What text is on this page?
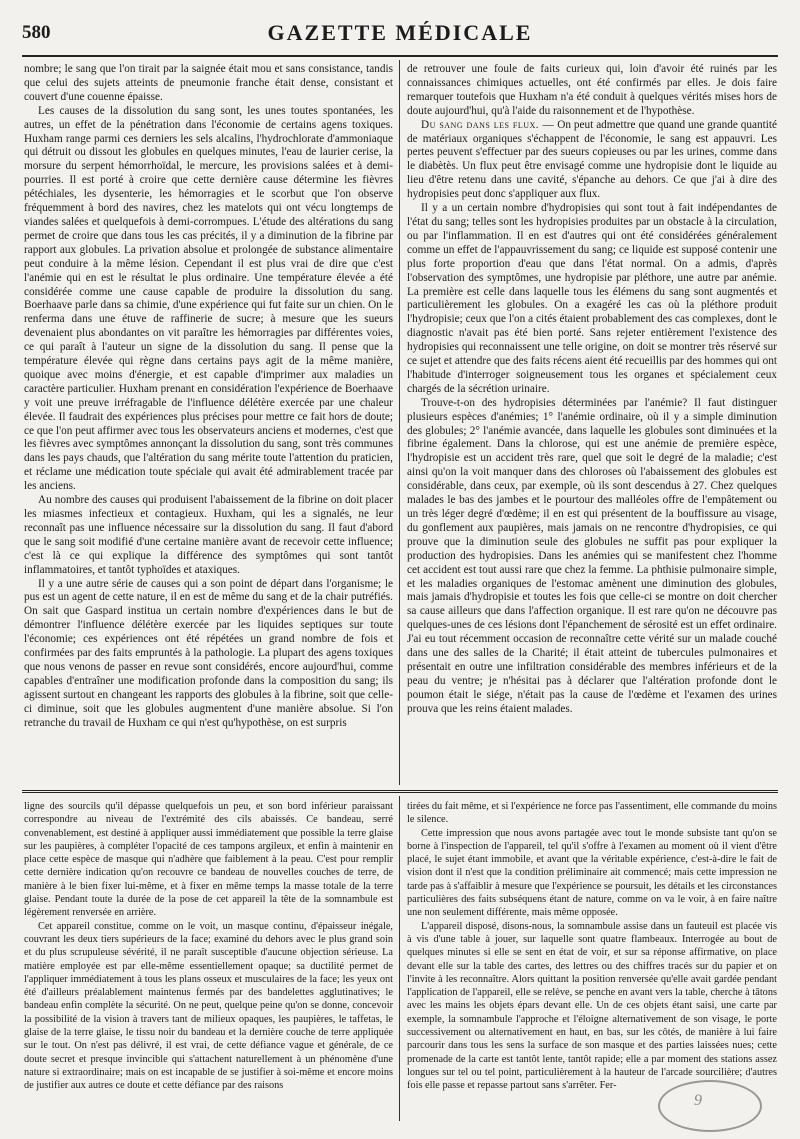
580	GAZETTE MÉDICALE

nombre; le sang que l'on tirait par la saignée était mou et sans consistance, tandis que celui des sujets atteints de pneumonie franche était dense, consistant et couvert d'une couenne épaisse.

Les causes de la dissolution du sang sont, les unes toutes spontanées, les autres, un effet de la pénétration dans l'économie de certains agens toxiques. Huxham range parmi ces derniers les sels alcalins, l'hydrochlorate d'ammoniaque qui détruit ou dissout les globules en quelques minutes, l'eau de laurier cerise, la morsure du serpent hémorrhoïdal, le mercure, les provisions salées et à demi-pourries. Il est porté à croire que cette dernière cause détermine les fièvres pétéchiales, les dysenterie, les hémorragies et le scorbut que l'on observe fréquemment à bord des navires, chez les matelots qui ont vécu longtemps de viandes salées et quelquefois à demi-corrompues. L'étude des altérations du sang permet de croire que dans tous les cas précités, il y a diminution de la fibrine par rapport aux globules. La privation absolue et prolongée de substance alimentaire peut conduire à la même lésion. Cependant il est plus vrai de dire que c'est l'anémie qui en est le résultat le plus ordinaire. Une température élevée a été considérée comme une cause capable de produire la dissolution du sang. Boerhaave parle dans sa chimie, d'une expérience qui fut faite sur un chien. On le renferma dans une étuve de raffinerie de sucre; à mesure que les sueurs devenaient plus abondantes on vit paraître les hémorragies par différentes voies, ce qui paraît à l'auteur un signe de la dissolution du sang. Il pense que la température élevée qui règne dans certains pays agit de la même manière, quoique avec moins d'énergie, et est capable d'imprimer aux maladies un caractère particulier. Huxham prenant en considération l'expérience de Boerhaave y voit une preuve irréfragable de l'influence délétère exercée par une chaleur élevée. Il faudrait des expériences plus précises pour mettre ce fait hors de doute; ce que l'on peut affirmer avec tous les observateurs anciens et modernes, c'est que les fièvres avec symptômes annonçant la dissolution du sang, sont très communes dans les pays chauds, que l'altération du sang mérite toute l'attention du praticien, et réclame une médication toute spéciale qui avait été admirablement tracée par les anciens.

Au nombre des causes qui produisent l'abaissement de la fibrine on doit placer les miasmes infectieux et contagieux. Huxham, qui les a signalés, ne leur reconnaît pas une influence nécessaire sur la dissolution du sang. Il faut d'abord que le sang soit modifié d'une certaine manière avant de recevoir cette influence; c'est là ce qui explique la différence des symptômes qui sont tantôt inflammatoires, et tantôt typhoïdes et ataxiques.

Il y a une autre série de causes qui a son point de départ dans l'organisme; le pus est un agent de cette nature, il en est de même du sang et de la chair putréfiés. On sait que Gaspard institua un certain nombre d'expériences dans le but de démontrer l'influence délétère exercée par les liquides septiques sur toute l'économie; ces expériences ont été répétées un grand nombre de fois et confirmées par des faits empruntés à la pathologie. La plupart des agens toxiques que nous venons de passer en revue sont considérés, encore aujourd'hui, comme capables d'entraîner une modification profonde dans la composition du sang; ils agissent surtout en changeant les rapports des globules à la fibrine, soit que celle-ci diminue, soit que les globules augmentent d'une manière absolue. Si l'on retranche du travail de Huxham ce qui n'est qu'hypothèse, on est surpris

de retrouver une foule de faits curieux qui, loin d'avoir été ruinés par les connaissances chimiques actuelles, ont été confirmés par elles. Je dois faire remarquer toutefois que Huxham n'a été conduit à quelques vérités mises hors de doute aujourd'hui, qu'à l'aide du raisonnement et de l'hypothèse.

Du sang dans les flux. — On peut admettre que quand une grande quantité de matériaux organiques s'échappent de l'économie, le sang est appauvri. Les pertes peuvent s'effectuer par des sueurs copieuses ou par les urines, comme dans le diabètès. Un flux peut être envisagé comme une hydropisie dont le liquide au lieu d'être retenu dans une cavité, s'épanche au dehors. Ce que j'ai à dire des hydropisies peut donc s'appliquer aux flux.

Il y a un certain nombre d'hydropisies qui sont tout à fait indépendantes de l'état du sang; telles sont les hydropisies produites par un obstacle à la circulation, ou par l'inflammation. Il en est d'autres qui ont été considérées généralement comme un effet de l'appauvrissement du sang; ce liquide est supposé contenir une plus forte proportion d'eau que dans l'état normal. On a admis, d'après l'observation des symptômes, une hydropisie par pléthore, une autre par anémie. La première est celle dans laquelle tous les élémens du sang sont augmentés et particulièrement les globules. On a exagéré les cas où la pléthore produit l'hydropisie; ceux que l'on a cités étaient probablement des cas complexes, dont le diagnostic n'avait pas été bien porté. Sans rejeter entièrement l'existence des hydropisies qui reconnaissent une telle origine, on doit se montrer très réservé sur ce sujet et attendre que des faits récens aient été recueillis par des hommes qui ont l'habitude d'interroger soigneusement tous les organes et spécialement ceux chargés de la sécrétion urinaire.

Trouve-t-on des hydropisies déterminées par l'anémie? Il faut distinguer plusieurs espèces d'anémies; 1° l'anémie ordinaire, où il y a simple diminution des globules; 2° l'anémie avancée, dans laquelle les globules sont diminuées et la fibrine également. Dans la chlorose, qui est une anémie de première espèce, l'hydropisie est un accident très rare, quel que soit le degré de la maladie; c'est ainsi qu'on la voit manquer dans des chloroses où l'abaissement des globules est considérable, dans ceux, par exemple, où ils sont descendus à 27. Chez quelques malades le bas des jambes et le pourtour des malléoles offre de l'empâtement ou un très léger degré d'œdème; il en est qui présentent de la bouffissure au visage, du gonflement aux paupières, mais jamais on ne rencontre d'hydropisies, ce qui prouve que la diminution seule des globules ne suffit pas pour expliquer la production des hydropisies. Dans les anémies qui se manifestent chez l'homme cet accident est tout aussi rare que chez la femme. La phthisie pulmonaire simple, et les maladies organiques de l'estomac amènent une diminution des globules, mais jamais d'hydropisie et toutes les fois que celle-ci se montre on doit chercher sa cause ailleurs que dans l'affection organique. Il est rare qu'on ne découvre pas quelques-unes de ces lésions dont l'épanchement de sérosité est un effet ordinaire. J'ai eu tout récemment occasion de reconnaître cette vérité sur un malade couché dans une des salles de la Charité; il était atteint de tubercules pulmonaires et présentait en outre une infiltration considérable des membres inférieurs et de la peau du ventre; je n'hésitai pas à déclarer que l'altération profonde dont le poumon était le siége, n'était pas la cause de l'œdème et l'examen des urines prouva que les reins étaient malades.

ligne des sourcils qu'il dépasse quelquefois un peu, et son bord inférieur paraissant correspondre au niveau de l'extrémité des cils abaissés. Ce bandeau, serré convenablement, est destiné à appliquer aussi immédiatement que possible la terre glaise sur les paupières, à compléter l'opacité de ces tampons argileux, et enfin à maintenir en place cette espèce de masque qui n'adhère que faiblement à la peau. C'est pour remplir cette dernière indication qu'on recouvre ce bandeau de nouvelles couches de terre, de manière à le bien fixer lui-même, et à fixer en même temps la masse totale de la terre glaise. Pendant toute la durée de la pose de cet appareil la tête de la somnambule est légèrement renversée en arrière.

Cet appareil constitue, comme on le voit, un masque continu, d'épaisseur inégale, couvrant les deux tiers supérieurs de la face; examiné du dehors avec le plus grand soin et du plus scrupuleuse sévérité, il ne paraît susceptible d'aucune objection sérieuse. La matière employée est par elle-même essentiellement opaque; sa ductilité permet de l'appliquer immédiatement à tous les plans osseux et musculaires de la face; les yeux ont été d'ailleurs préalablement maintenus fermés par des bandelettes agglutinatives; le bandeau enfin complète la sécurité. On ne peut, quelque peine qu'on se donne, concevoir la possibilité de la vision à travers tant de milieux opaques, les paupières, le taffetas, le glaise de la terre glaise, le tissu noir du bandeau et la dernière couche de terre appliquée sur le tout. On n'est pas délivré, il est vrai, de cette défiance vague et générale, de ce doute secret et presque invincible qui s'attachent naturellement à un phénomène d'une nature si extraordinaire; mais on est incapable de se justifier à soi-même et encore moins de justifier aux autres ce doute et cette défiance par des raisons

tirées du fait même, et si l'expérience ne force pas l'assentiment, elle commande du moins le silence.

Cette impression que nous avons partagée avec tout le monde subsiste tant qu'on se borne à l'inspection de l'appareil, tel qu'il s'offre à l'examen au moment où il vient d'être placé, le sujet étant immobile, et avant que la véritable expérience, c'est-à-dire le fait de vision dont il n'est que la condition préliminaire ait commencé; mais cette impression ne tarde pas à s'affaiblir à mesure que l'expérience se poursuit, les détails et les circonstances particulières des faits subséquens étant de nature, comme on va le voir, à en faire naître une non seulement différente, mais même opposée.

L'appareil disposé, disons-nous, la somnambule assise dans un fauteuil est placée vis à vis d'une table à jouer, sur laquelle sont quatre flambeaux. Interrogée au bout de quelques minutes si elle se sent en état de voir, et sur sa réponse affirmative, on place devant elle sur la table des cartes, des lettres ou des chiffres tracés sur du papier et on l'invite à les reconnaître. Alors quittant la position renversée qu'elle avait gardée pendant l'application de l'appareil, elle se relève, se penche en avant vers la table, cherche à tâtons avec les mains les objets épars devant elle. Un de ces objets étant saisi, une carte par exemple, la somnambule l'approche et l'éloigne alternativement de son visage, le porte successivement ou alternativement en haut, en bas, sur les côtés, de manière à lui faire parcourir dans tous les sens la surface de son masque et des parties laissées nues; cette promenade de la carte est tantôt lente, tantôt rapide; elle a par moment des stations assez longues sur tel ou tel point, particulièrement à la hauteur de l'arcade sourcilière; d'autres fois elle passe et repasse partout sans s'arrêter. Fer-

9
